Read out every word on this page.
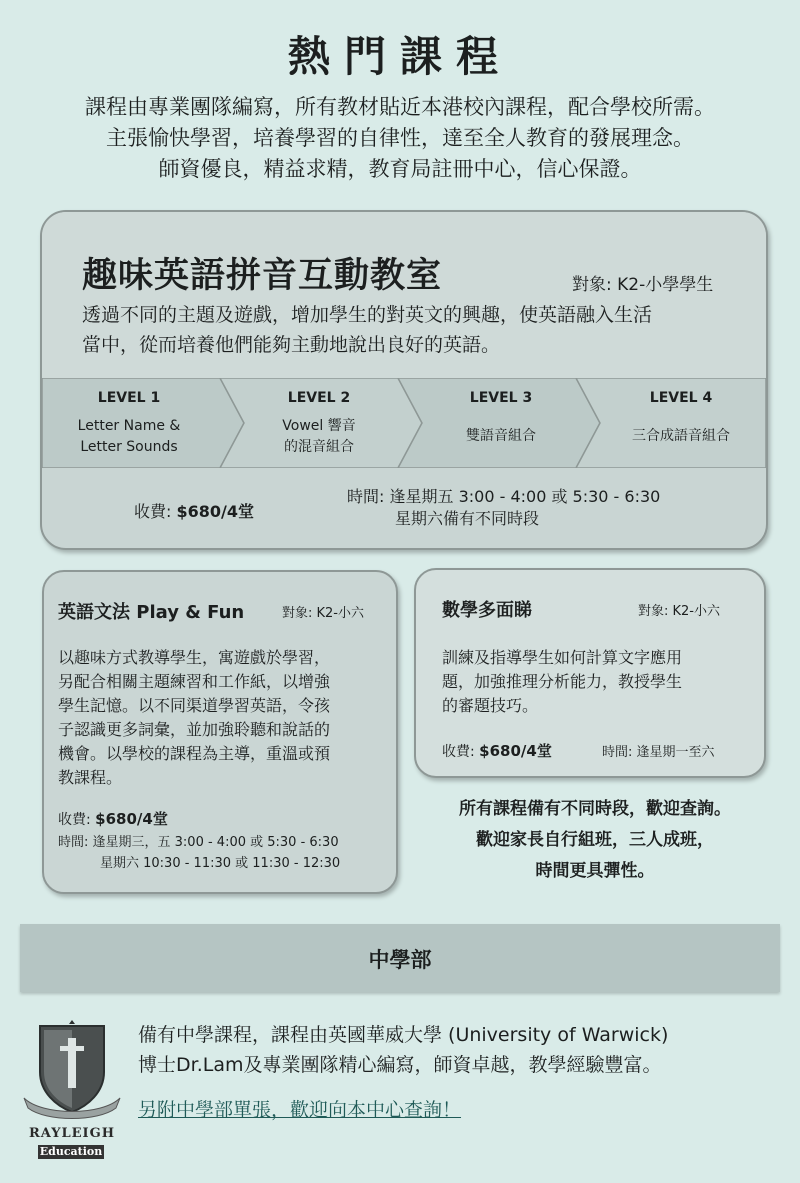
熱門課程
課程由專業團隊編寫，所有教材貼近本港校內課程，配合學校所需。
主張愉快學習，培養學習的自律性，達至全人教育的發展理念。
師資優良，精益求精，教育局註冊中心，信心保證。
趣味英語拼音互動教室	對象: K2-小學學生
透過不同的主題及遊戲，增加學生的對英文的興趣，使英語融入生活
當中，從而培養他們能夠主動地說出良好的英語。
LEVEL 1
Letter Name &
Letter Sounds
LEVEL 2
Vowel 響音
的混音組合
LEVEL 3
雙語音組合
LEVEL 4
三合成語音組合
收費: $680/4堂
時間: 逢星期五 3:00 - 4:00 或 5:30 - 6:30
星期六備有不同時段
英語文法 Play & Fun	對象: K2-小六
以趣味方式教導學生，寓遊戲於學習，
另配合相關主題練習和工作紙，以增強
學生記憶。以不同渠道學習英語，令孩
子認識更多詞彙，並加強聆聽和說話的
機會。以學校的課程為主導，重溫或預
教課程。
收費: $680/4堂
時間: 逢星期三，五 3:00 - 4:00 或 5:30 - 6:30
星期六 10:30 - 11:30 或 11:30 - 12:30
數學多面睇	對象: K2-小六
訓練及指導學生如何計算文字應用
題，加強推理分析能力，教授學生
的審題技巧。
收費: $680/4堂	時間: 逢星期一至六
所有課程備有不同時段，歡迎查詢。
歡迎家長自行組班，三人成班，
時間更具彈性。
中學部
RAYLEIGH
Education
備有中學課程，課程由英國華威大學 (University of Warwick)
博士Dr.Lam及專業團隊精心編寫，師資卓越，教學經驗豐富。
另附中學部單張，歡迎向本中心查詢！
